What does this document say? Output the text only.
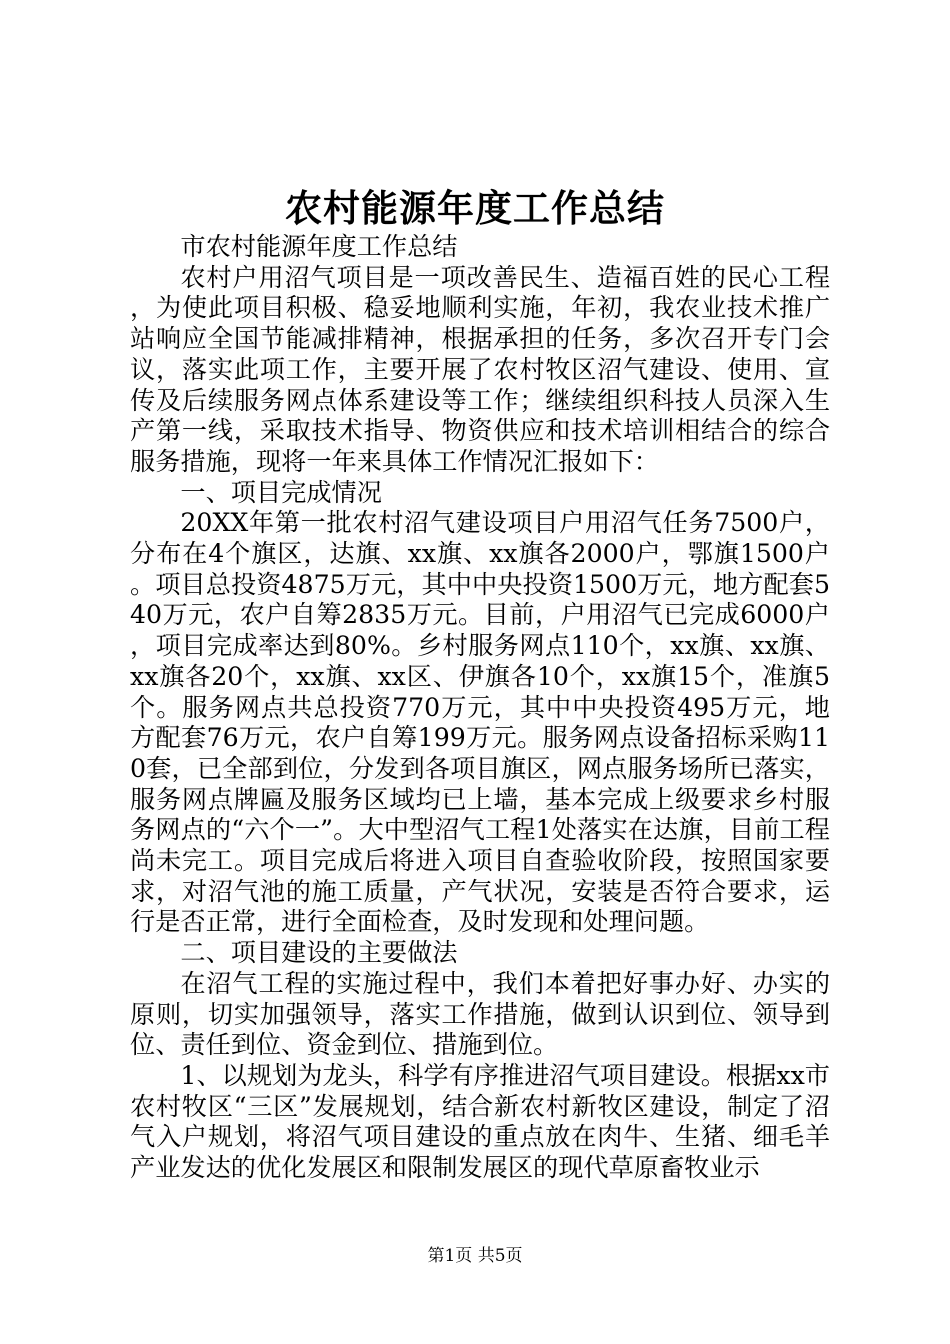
农村能源年度工作总结

市农村能源年度工作总结

农村户用沼气项目是一项改善民生、造福百姓的民心工程，为使此项目积极、稳妥地顺利实施，年初，我农业技术推广站响应全国节能减排精神，根据承担的任务，多次召开专门会议，落实此项工作，主要开展了农村牧区沼气建设、使用、宣传及后续服务网点体系建设等工作；继续组织科技人员深入生产第一线，采取技术指导、物资供应和技术培训相结合的综合服务措施，现将一年来具体工作情况汇报如下：

一、项目完成情况

20XX年第一批农村沼气建设项目户用沼气任务7500户，分布在4个旗区，达旗、xx旗、xx旗各2000户，鄂旗1500户。项目总投资4875万元，其中中央投资1500万元，地方配套540万元，农户自筹2835万元。目前，户用沼气已完成6000户，项目完成率达到80%。乡村服务网点110个，xx旗、xx旗、xx旗各20个，xx旗、xx区、伊旗各10个，xx旗15个，准旗5个。服务网点共总投资770万元，其中中央投资495万元，地方配套76万元，农户自筹199万元。服务网点设备招标采购110套，已全部到位，分发到各项目旗区，网点服务场所已落实，服务网点牌匾及服务区域均已上墙，基本完成上级要求乡村服务网点的“六个一”。大中型沼气工程1处落实在达旗，目前工程尚未完工。项目完成后将进入项目自查验收阶段，按照国家要求，对沼气池的施工质量，产气状况，安装是否符合要求，运行是否正常，进行全面检查，及时发现和处理问题。

二、项目建设的主要做法

在沼气工程的实施过程中，我们本着把好事办好、办实的原则，切实加强领导，落实工作措施，做到认识到位、领导到位、责任到位、资金到位、措施到位。

1、以规划为龙头，科学有序推进沼气项目建设。根据xx市农村牧区“三区”发展规划，结合新农村新牧区建设，制定了沼气入户规划，将沼气项目建设的重点放在肉牛、生猪、细毛羊产业发达的优化发展区和限制发展区的现代草原畜牧业示

第1页 共5页
